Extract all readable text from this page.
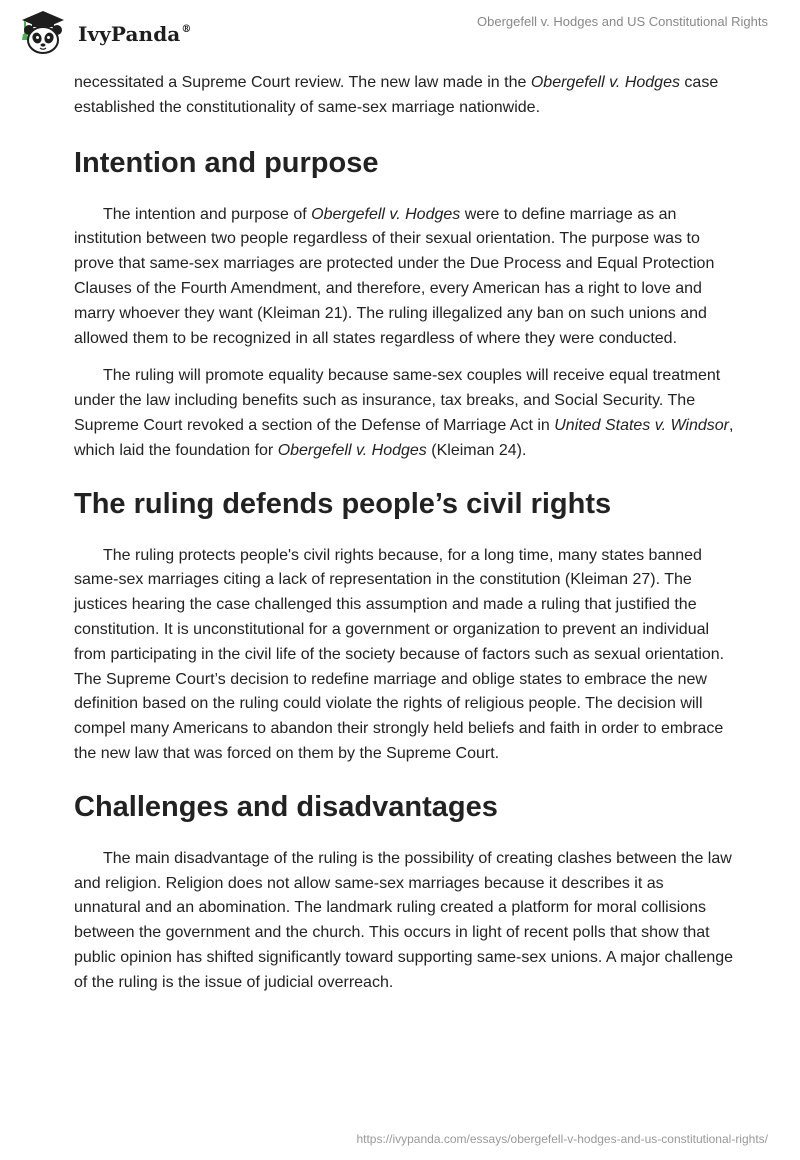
IvyPanda®
Obergefell v. Hodges and US Constitutional Rights

necessitated a Supreme Court review. The new law made in the Obergefell v. Hodges case established the constitutionality of same-sex marriage nationwide.

Intention and purpose

The intention and purpose of Obergefell v. Hodges were to define marriage as an institution between two people regardless of their sexual orientation. The purpose was to prove that same-sex marriages are protected under the Due Process and Equal Protection Clauses of the Fourth Amendment, and therefore, every American has a right to love and marry whoever they want (Kleiman 21). The ruling illegalized any ban on such unions and allowed them to be recognized in all states regardless of where they were conducted.

The ruling will promote equality because same-sex couples will receive equal treatment under the law including benefits such as insurance, tax breaks, and Social Security. The Supreme Court revoked a section of the Defense of Marriage Act in United States v. Windsor, which laid the foundation for Obergefell v. Hodges (Kleiman 24).

The ruling defends people’s civil rights

The ruling protects people's civil rights because, for a long time, many states banned same-sex marriages citing a lack of representation in the constitution (Kleiman 27). The justices hearing the case challenged this assumption and made a ruling that justified the constitution. It is unconstitutional for a government or organization to prevent an individual from participating in the civil life of the society because of factors such as sexual orientation. The Supreme Court’s decision to redefine marriage and oblige states to embrace the new definition based on the ruling could violate the rights of religious people. The decision will compel many Americans to abandon their strongly held beliefs and faith in order to embrace the new law that was forced on them by the Supreme Court.

Challenges and disadvantages

The main disadvantage of the ruling is the possibility of creating clashes between the law and religion. Religion does not allow same-sex marriages because it describes it as unnatural and an abomination. The landmark ruling created a platform for moral collisions between the government and the church. This occurs in light of recent polls that show that public opinion has shifted significantly toward supporting same-sex unions. A major challenge of the ruling is the issue of judicial overreach.

https://ivypanda.com/essays/obergefell-v-hodges-and-us-constitutional-rights/
